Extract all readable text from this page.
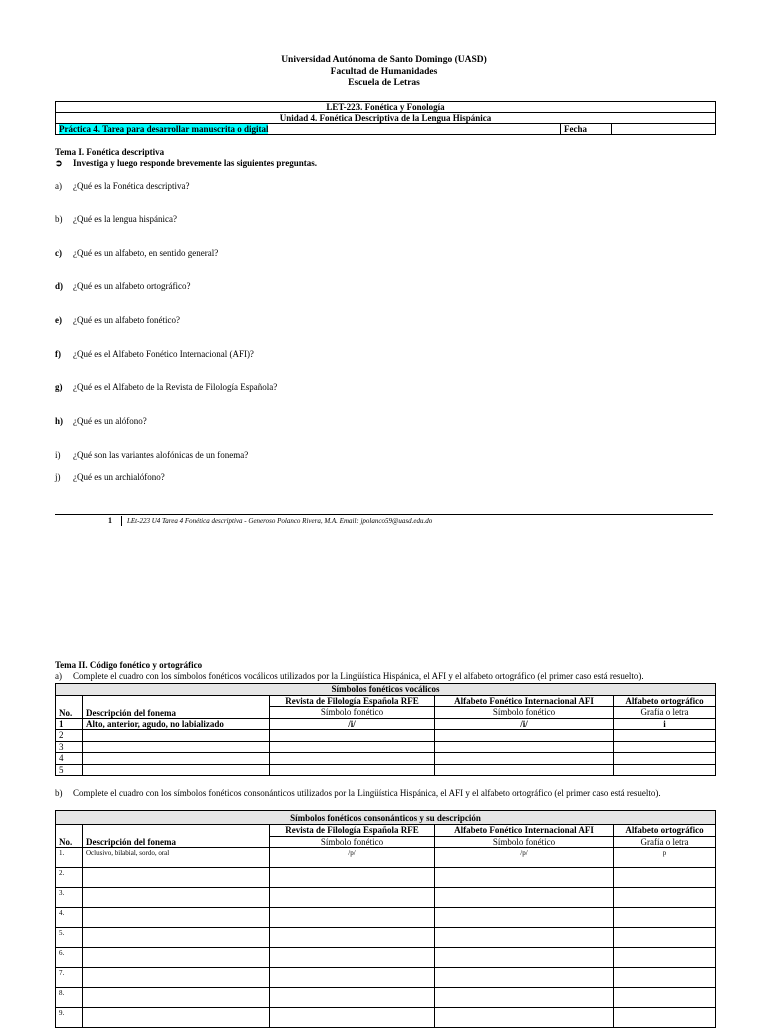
Universidad Autónoma de Santo Domingo (UASD)
Facultad de Humanidades
Escuela de Letras
LET-223. Fonética y Fonología
Unidad 4. Fonética Descriptiva de la Lengua Hispánica
Práctica 4. Tarea para desarrollar manuscrita o digital	Fecha	
Tema I. Fonética descriptiva
➲ Investiga y luego responde brevemente las siguientes preguntas.
a) ¿Qué es la Fonética descriptiva?
b) ¿Qué es la lengua hispánica?
c) ¿Qué es un alfabeto, en sentido general?
d) ¿Qué es un alfabeto ortográfico?
e) ¿Qué es un alfabeto fonético?
f) ¿Qué es el Alfabeto Fonético Internacional (AFI)?
g) ¿Qué es el Alfabeto de la Revista de Filología Española?
h) ¿Qué es un alófono?
i) ¿Qué son las variantes alofónicas de un fonema?
j) ¿Qué es un archialófono?
1 LEt-223 U4 Tarea 4 Fonética descriptiva - Generoso Polanco Rivera, M.A. Email: jpolanco59@uasd.edu.do
Tema II. Código fonético y ortográfico
a) Complete el cuadro con los símbolos fonéticos vocálicos utilizados por la Lingüística Hispánica, el AFI y el alfabeto ortográfico (el primer caso está resuelto).
Símbolos fonéticos vocálicos				
No.	Descripción del fonema	Revista de Filología Española RFE	Alfabeto Fonético Internacional AFI	Alfabeto ortográfico
		Símbolo fonético	Símbolo fonético	Grafía o letra
1	Alto, anterior, agudo, no labializado	/i/	/i/	i
2				
3				
4				
5				
b) Complete el cuadro con los símbolos fonéticos consonánticos utilizados por la Lingüística Hispánica, el AFI y el alfabeto ortográfico (el primer caso está resuelto).
Símbolos fonéticos consonánticos y su descripción				
No.	Descripción del fonema	Revista de Filología Española RFE	Alfabeto Fonético Internacional AFI	Alfabeto ortográfico
		Símbolo fonético	Símbolo fonético	Grafía o letra
1.	Oclusivo, bilabial, sordo, oral	/p/	/p/	p
2.				
3.				
4.				
5.				
6.				
7.				
8.				
9.				
